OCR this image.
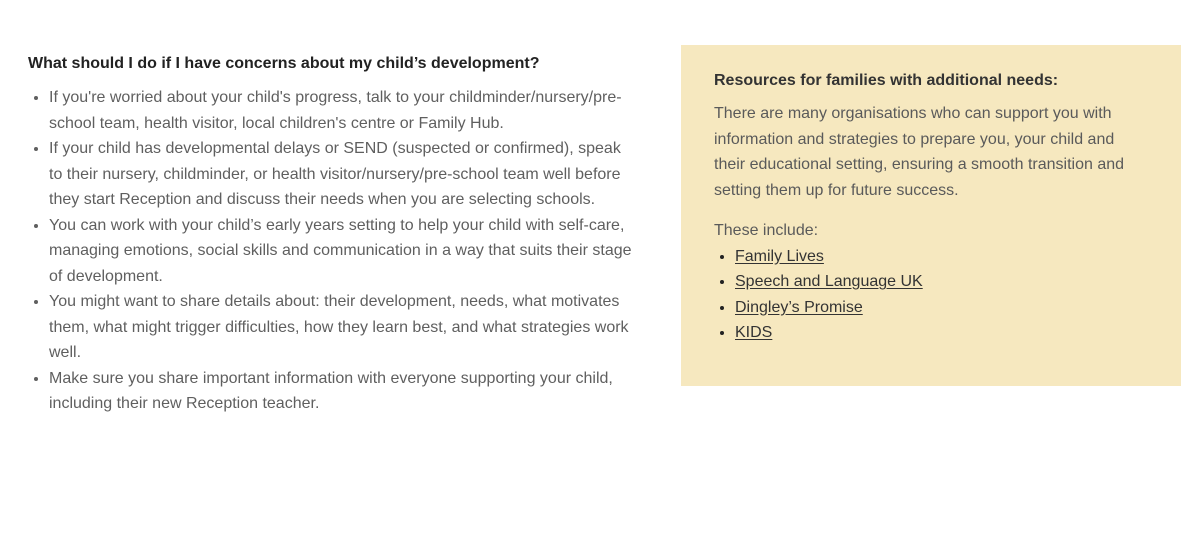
What should I do if I have concerns about my child’s development?
• If you're worried about your child's progress, talk to your childminder/nursery/pre-school team, health visitor, local children's centre or Family Hub.
• If your child has developmental delays or SEND (suspected or confirmed), speak to their nursery, childminder, or health visitor/nursery/pre-school team well before they start Reception and discuss their needs when you are selecting schools.
• You can work with your child’s early years setting to help your child with self-care, managing emotions, social skills and communication in a way that suits their stage of development.
• You might want to share details about: their development, needs, what motivates them, what might trigger difficulties, how they learn best, and what strategies work well.
• Make sure you share important information with everyone supporting your child, including their new Reception teacher.
Resources for families with additional needs:

There are many organisations who can support you with information and strategies to prepare you, your child and their educational setting, ensuring a smooth transition and setting them up for future success.

These include:

• Family Lives
• Speech and Language UK
• Dingley’s Promise
• KIDS
